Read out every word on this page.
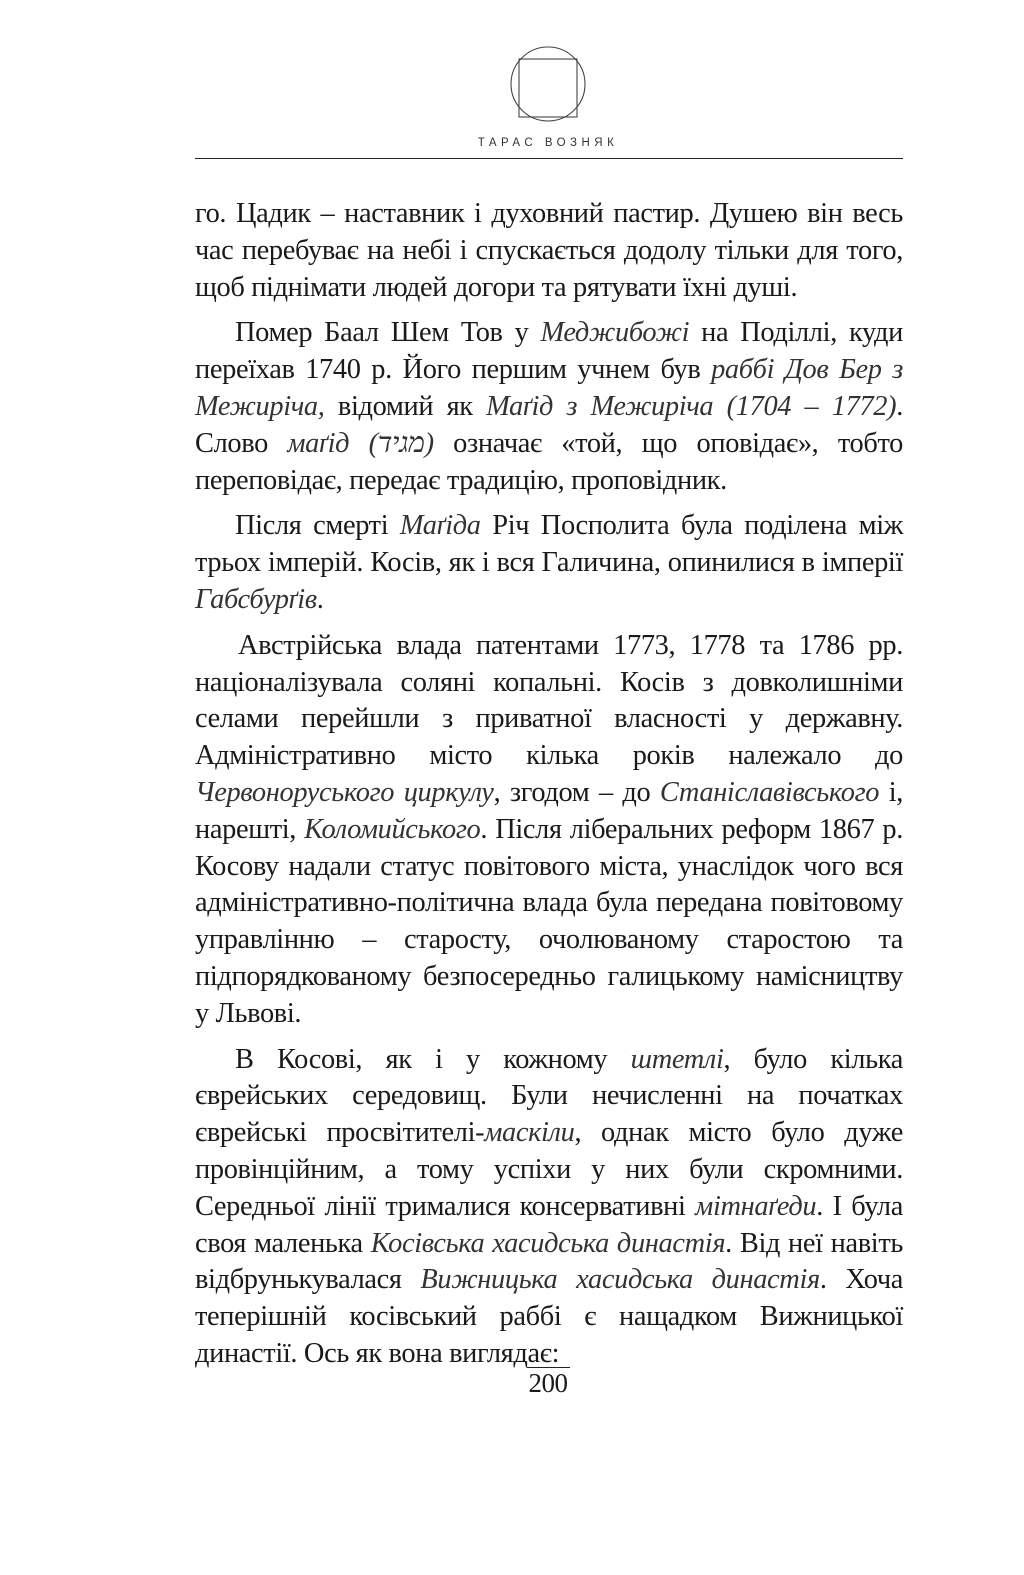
ТАРАС ВОЗНЯК

го. Цадик – наставник і духовний пастир. Душею він весь час перебуває на небі і спускається додолу тільки для того, щоб піднімати людей догори та рятувати їхні душі.

Помер Баал Шем Тов у Меджибожі на Поділлі, куди переїхав 1740 р. Його першим учнем був раббі Дов Бер з Межиріча, відомий як Маґід з Межиріча (1704 – 1772). Слово маґід (מגיד) означає «той, що оповідає», тобто переповідає, передає традицію, проповідник.

Після смерті Маґіда Річ Посполита була поділена між трьох імперій. Косів, як і вся Галичина, опинилися в імперії Габсбурґів.

Австрійська влада патентами 1773, 1778 та 1786 рр. націоналізувала соляні копальні. Косів з довколишніми селами перейшли з приватної власності у державну. Адміністративно місто кілька років належало до Червоноруського циркулу, згодом – до Станіславівського і, нарешті, Коломийського. Після ліберальних реформ 1867 р. Косову надали статус повітового міста, унаслідок чого вся адміністративно-політична влада була передана повітовому управлінню – старосту, очолюваному старостою та підпорядкованому безпосередньо галицькому намісництву у Львові.

В Косові, як і у кожному штетлі, було кілька єврейських середовищ. Були нечисленні на початках єврейські просвітителі-маскіли, однак місто було дуже провінційним, а тому успіхи у них були скромними. Середньої лінії трималися консервативні мітнаґеди. І була своя маленька Косівська хасидська династія. Від неї навіть відбрунькувалася Вижницька хасидська династія. Хоча теперішній косівський раббі є нащадком Вижницької династії. Ось як вона виглядає:

200
